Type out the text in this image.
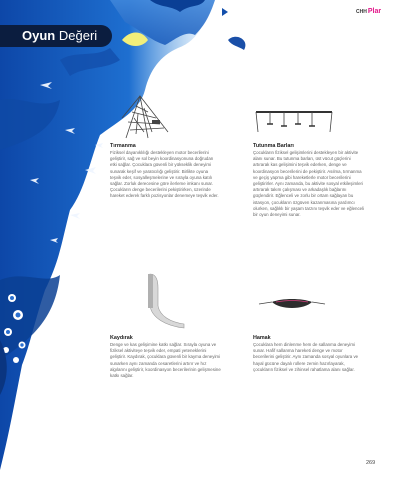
Oyun Değeri
CHHPlar
Tırmanma
Fiziksel dayanıklılığı destekleyen motor becerilerini geliştirir, sağ ve sol beyin koordinasyonuna doğrudan etki sağlar. Çocuklara güvenli bir yükseklik deneyimi sunarak keşif ve yaratıcılığı geliştirir. Birlikte oyuna teşvik eder, sosyalleşmelerine ve sırayla oyuna katılı sağlar. Zorluk derecesine göre ilerleme imkanı sunar. Çocukların denge becerilerini pekiştirirken, üzerinde hareket ederek farklı pozisyonlar denemeye teşvik eder.
Tutunma Barları
Çocukların fiziksel gelişimlerini destekleyen bir aktivite alanı sunar. Bu tutunma barları, üst vücut güçlerini artırarak kas gelişimini teşvik ederken, denge ve koordinasyon becerilerini de pekiştirir. Asılma, tırmanma ve geçiş yapma gibi hareketlerle motor becerilerini geliştirirler. Aynı zamanda, bu aktivite sosyal etkileşimleri artırarak takım çalışması ve arkadaşlık bağlarını güçlendirir. Eğlenceli ve zorlu bir ortam sağlayan bu istasyon, çocukların özgüven kazanmasına yardımcı olurken, sağlıklı bir yaşam tarzını teşvik eder ve eğlenceli bir oyun deneyimi sunar.
Kaydırak
Denge ve kas gelişimine katkı sağlar. Sırayla oyuna ve fiziksel aktiviteye teşvik eder, empati yeteneklerini geliştirir. Kaydırak, çocuklara güvenli bir kayma deneyimi sunarken aynı zamanda cesaretlerini artırır ve hız algılarını geliştirir, koordinasyon becerilerinin gelişmesine katkı sağlar.
Hamak
Çocuklara hem dinlenme hem de sallanma deneyimi sunar. Hafif sallanma hareketi denge ve motor becerilerini geliştirir. Aynı zamanda sosyal oyunlara ve hayal gücüne dayalı rollere zemin hazırlayarak, çocukların fiziksel ve zihinsel rahatlama alanı sağlar.
269
